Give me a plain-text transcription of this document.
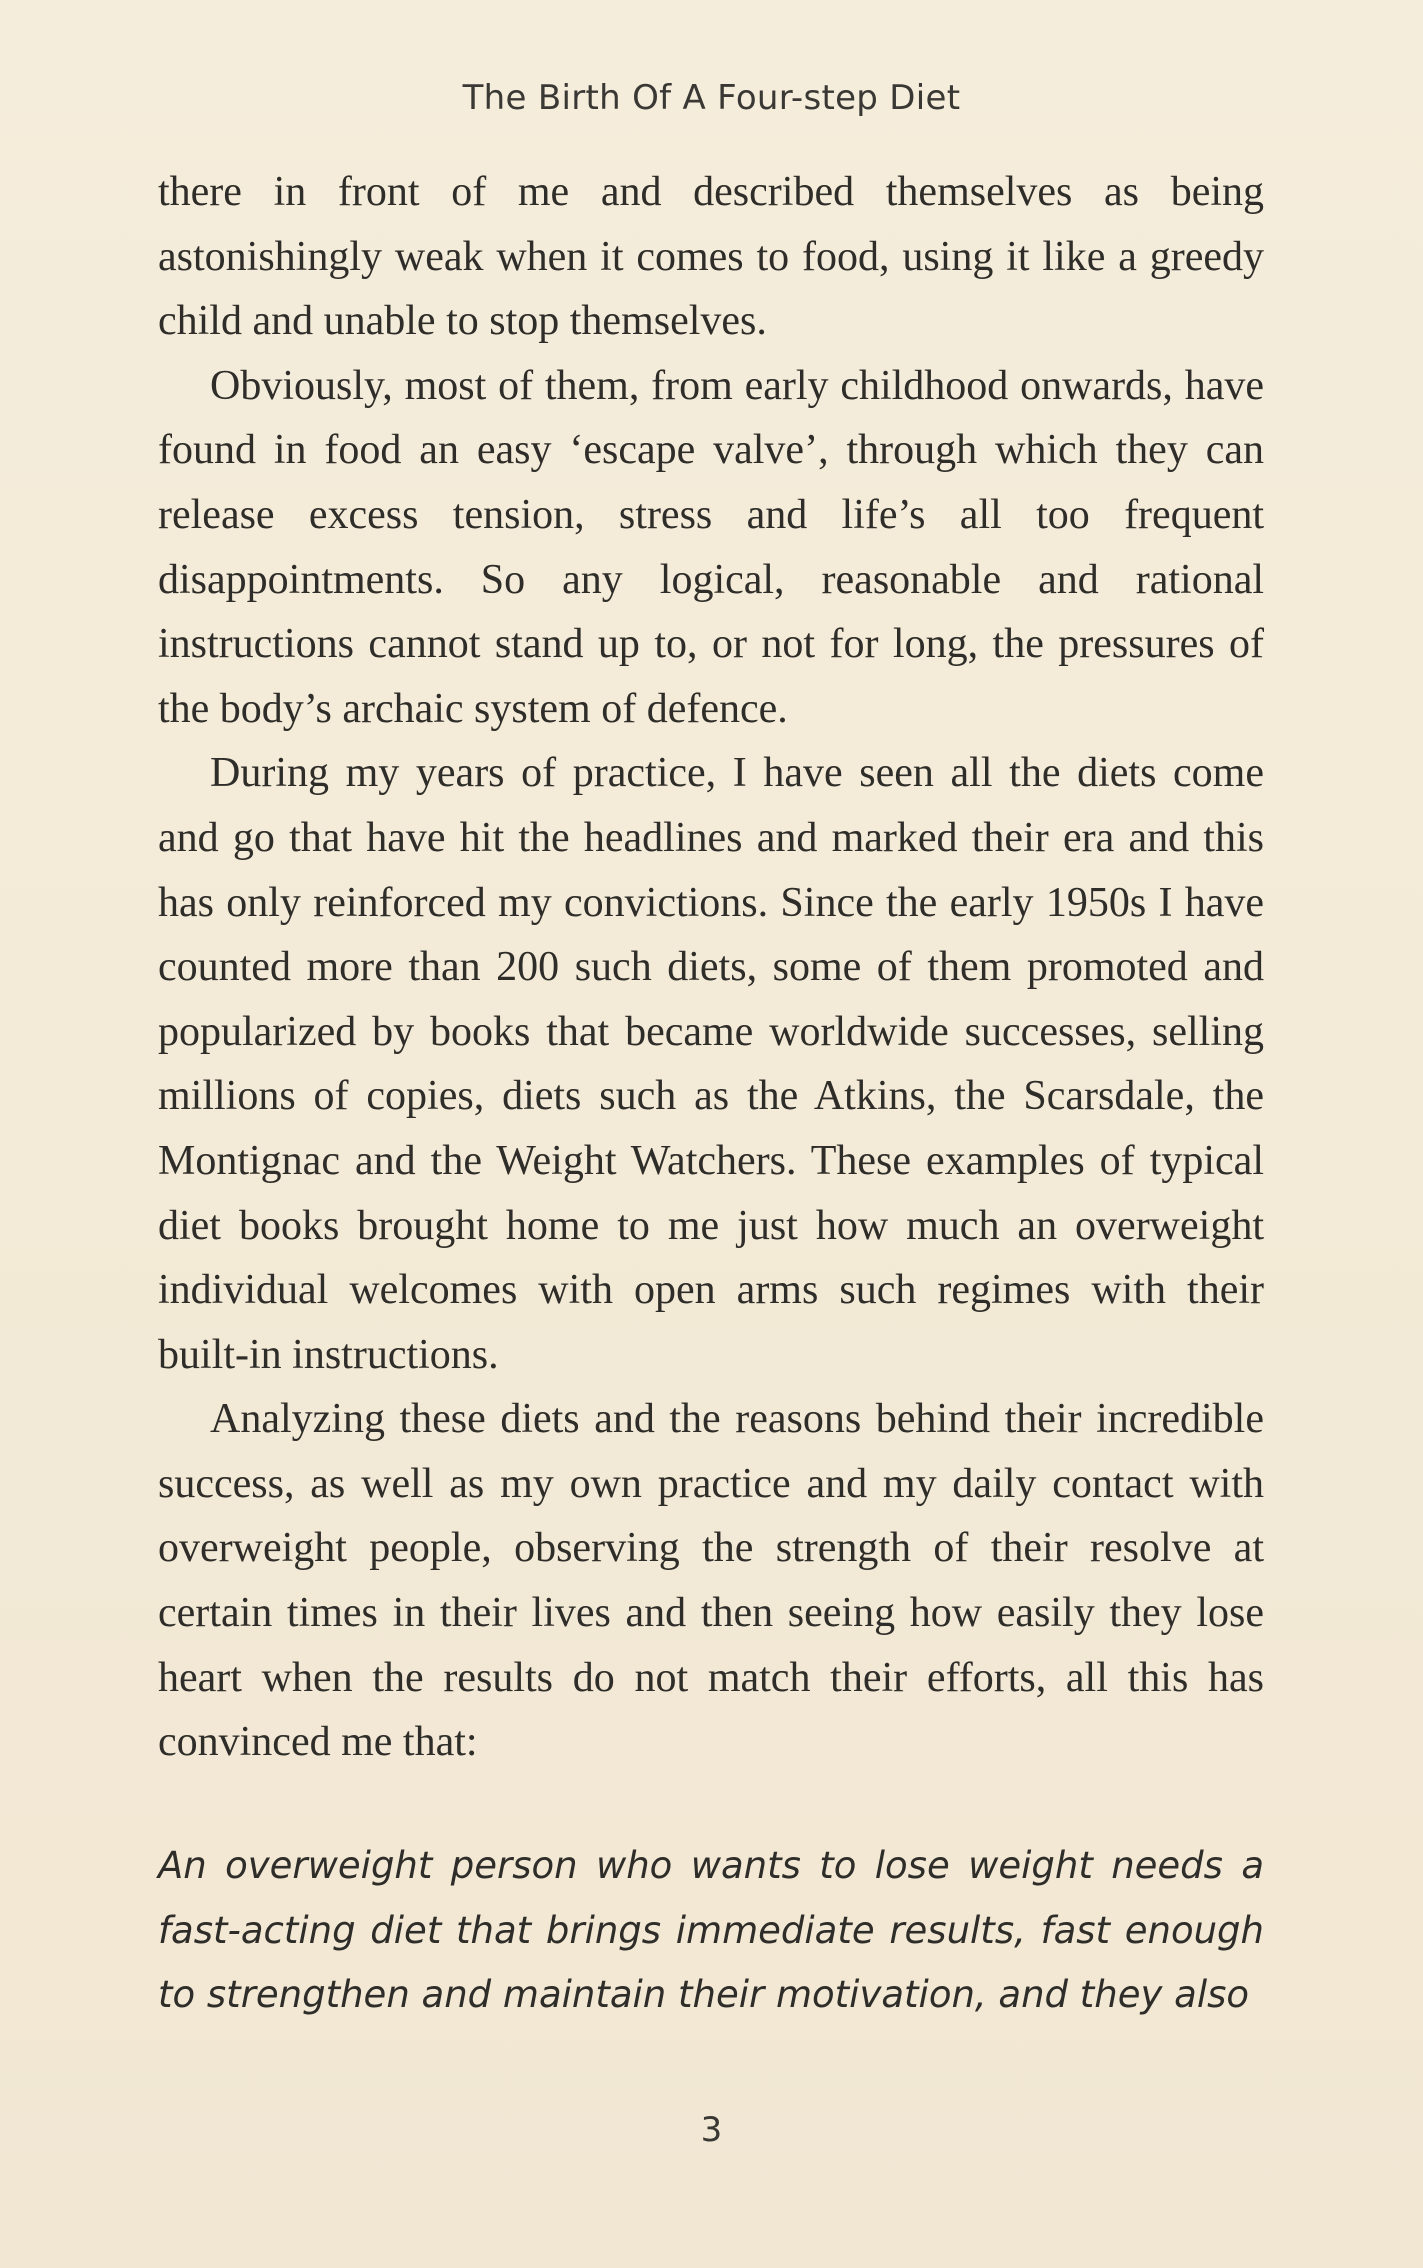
The Birth Of A Four-step Diet

there in front of me and described themselves as being astonishingly weak when it comes to food, using it like a greedy child and unable to stop themselves.

Obviously, most of them, from early childhood onwards, have found in food an easy ‘escape valve’, through which they can release excess tension, stress and life’s all too frequent disappointments. So any logical, reasonable and rational instructions cannot stand up to, or not for long, the pressures of the body’s archaic system of defence.

During my years of practice, I have seen all the diets come and go that have hit the headlines and marked their era and this has only reinforced my convictions. Since the early 1950s I have counted more than 200 such diets, some of them promoted and popularized by books that became worldwide successes, selling millions of copies, diets such as the Atkins, the Scarsdale, the Montignac and the Weight Watchers. These examples of typical diet books brought home to me just how much an overweight individual welcomes with open arms such regimes with their built-in instructions.

Analyzing these diets and the reasons behind their incredible success, as well as my own practice and my daily contact with overweight people, observing the strength of their resolve at certain times in their lives and then seeing how easily they lose heart when the results do not match their efforts, all this has convinced me that:

An overweight person who wants to lose weight needs a fast-acting diet that brings immediate results, fast enough to strengthen and maintain their motivation, and they also
3
